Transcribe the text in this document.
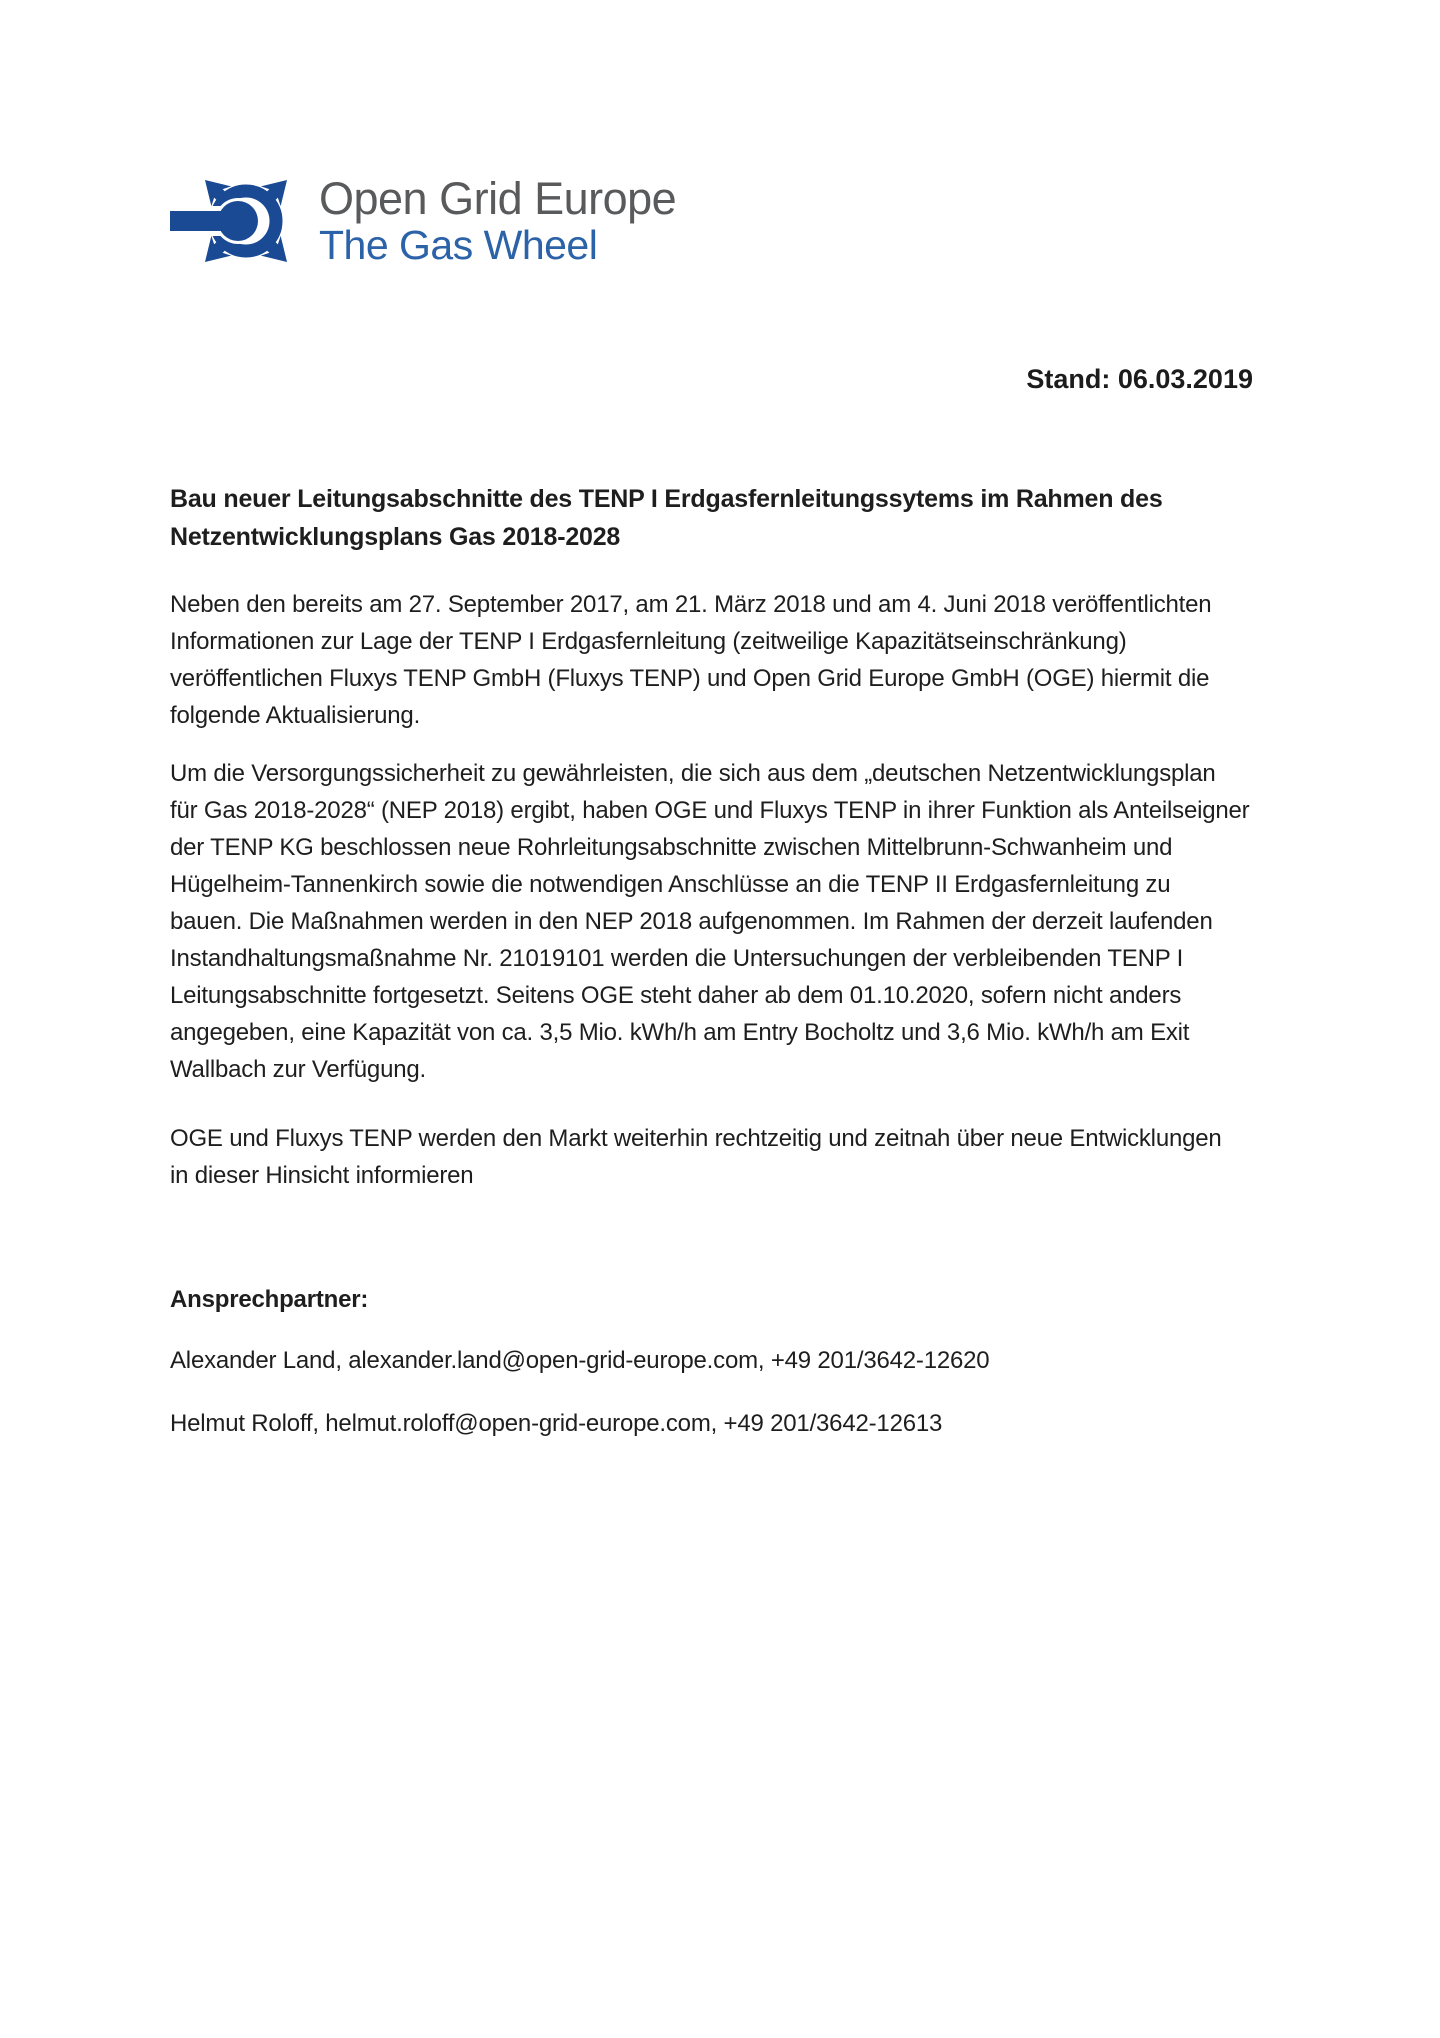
Open Grid Europe
The Gas Wheel
Stand: 06.03.2019
Bau neuer Leitungsabschnitte des TENP I Erdgasfernleitungssytems im Rahmen des
Netzentwicklungsplans Gas 2018-2028
Neben den bereits am 27. September 2017, am 21. März 2018 und am 4. Juni 2018 veröffentlichten
Informationen zur Lage der TENP I Erdgasfernleitung (zeitweilige Kapazitätseinschränkung)
veröffentlichen Fluxys TENP GmbH (Fluxys TENP) und Open Grid Europe GmbH (OGE) hiermit die
folgende Aktualisierung.
Um die Versorgungssicherheit zu gewährleisten, die sich aus dem „deutschen Netzentwicklungsplan
für Gas 2018-2028“ (NEP 2018) ergibt, haben OGE und Fluxys TENP in ihrer Funktion als Anteilseigner
der TENP KG beschlossen neue Rohrleitungsabschnitte zwischen Mittelbrunn-Schwanheim und
Hügelheim-Tannenkirch sowie die notwendigen Anschlüsse an die TENP II Erdgasfernleitung zu
bauen. Die Maßnahmen werden in den NEP 2018 aufgenommen. Im Rahmen der derzeit laufenden
Instandhaltungsmaßnahme Nr. 21019101 werden die Untersuchungen der verbleibenden TENP I
Leitungsabschnitte fortgesetzt. Seitens OGE steht daher ab dem 01.10.2020, sofern nicht anders
angegeben, eine Kapazität von ca. 3,5 Mio. kWh/h am Entry Bocholtz und 3,6 Mio. kWh/h am Exit
Wallbach zur Verfügung.
OGE und Fluxys TENP werden den Markt weiterhin rechtzeitig und zeitnah über neue Entwicklungen
in dieser Hinsicht informieren
Ansprechpartner:
Alexander Land, alexander.land@open-grid-europe.com, +49 201/3642-12620
Helmut Roloff, helmut.roloff@open-grid-europe.com, +49 201/3642-12613
